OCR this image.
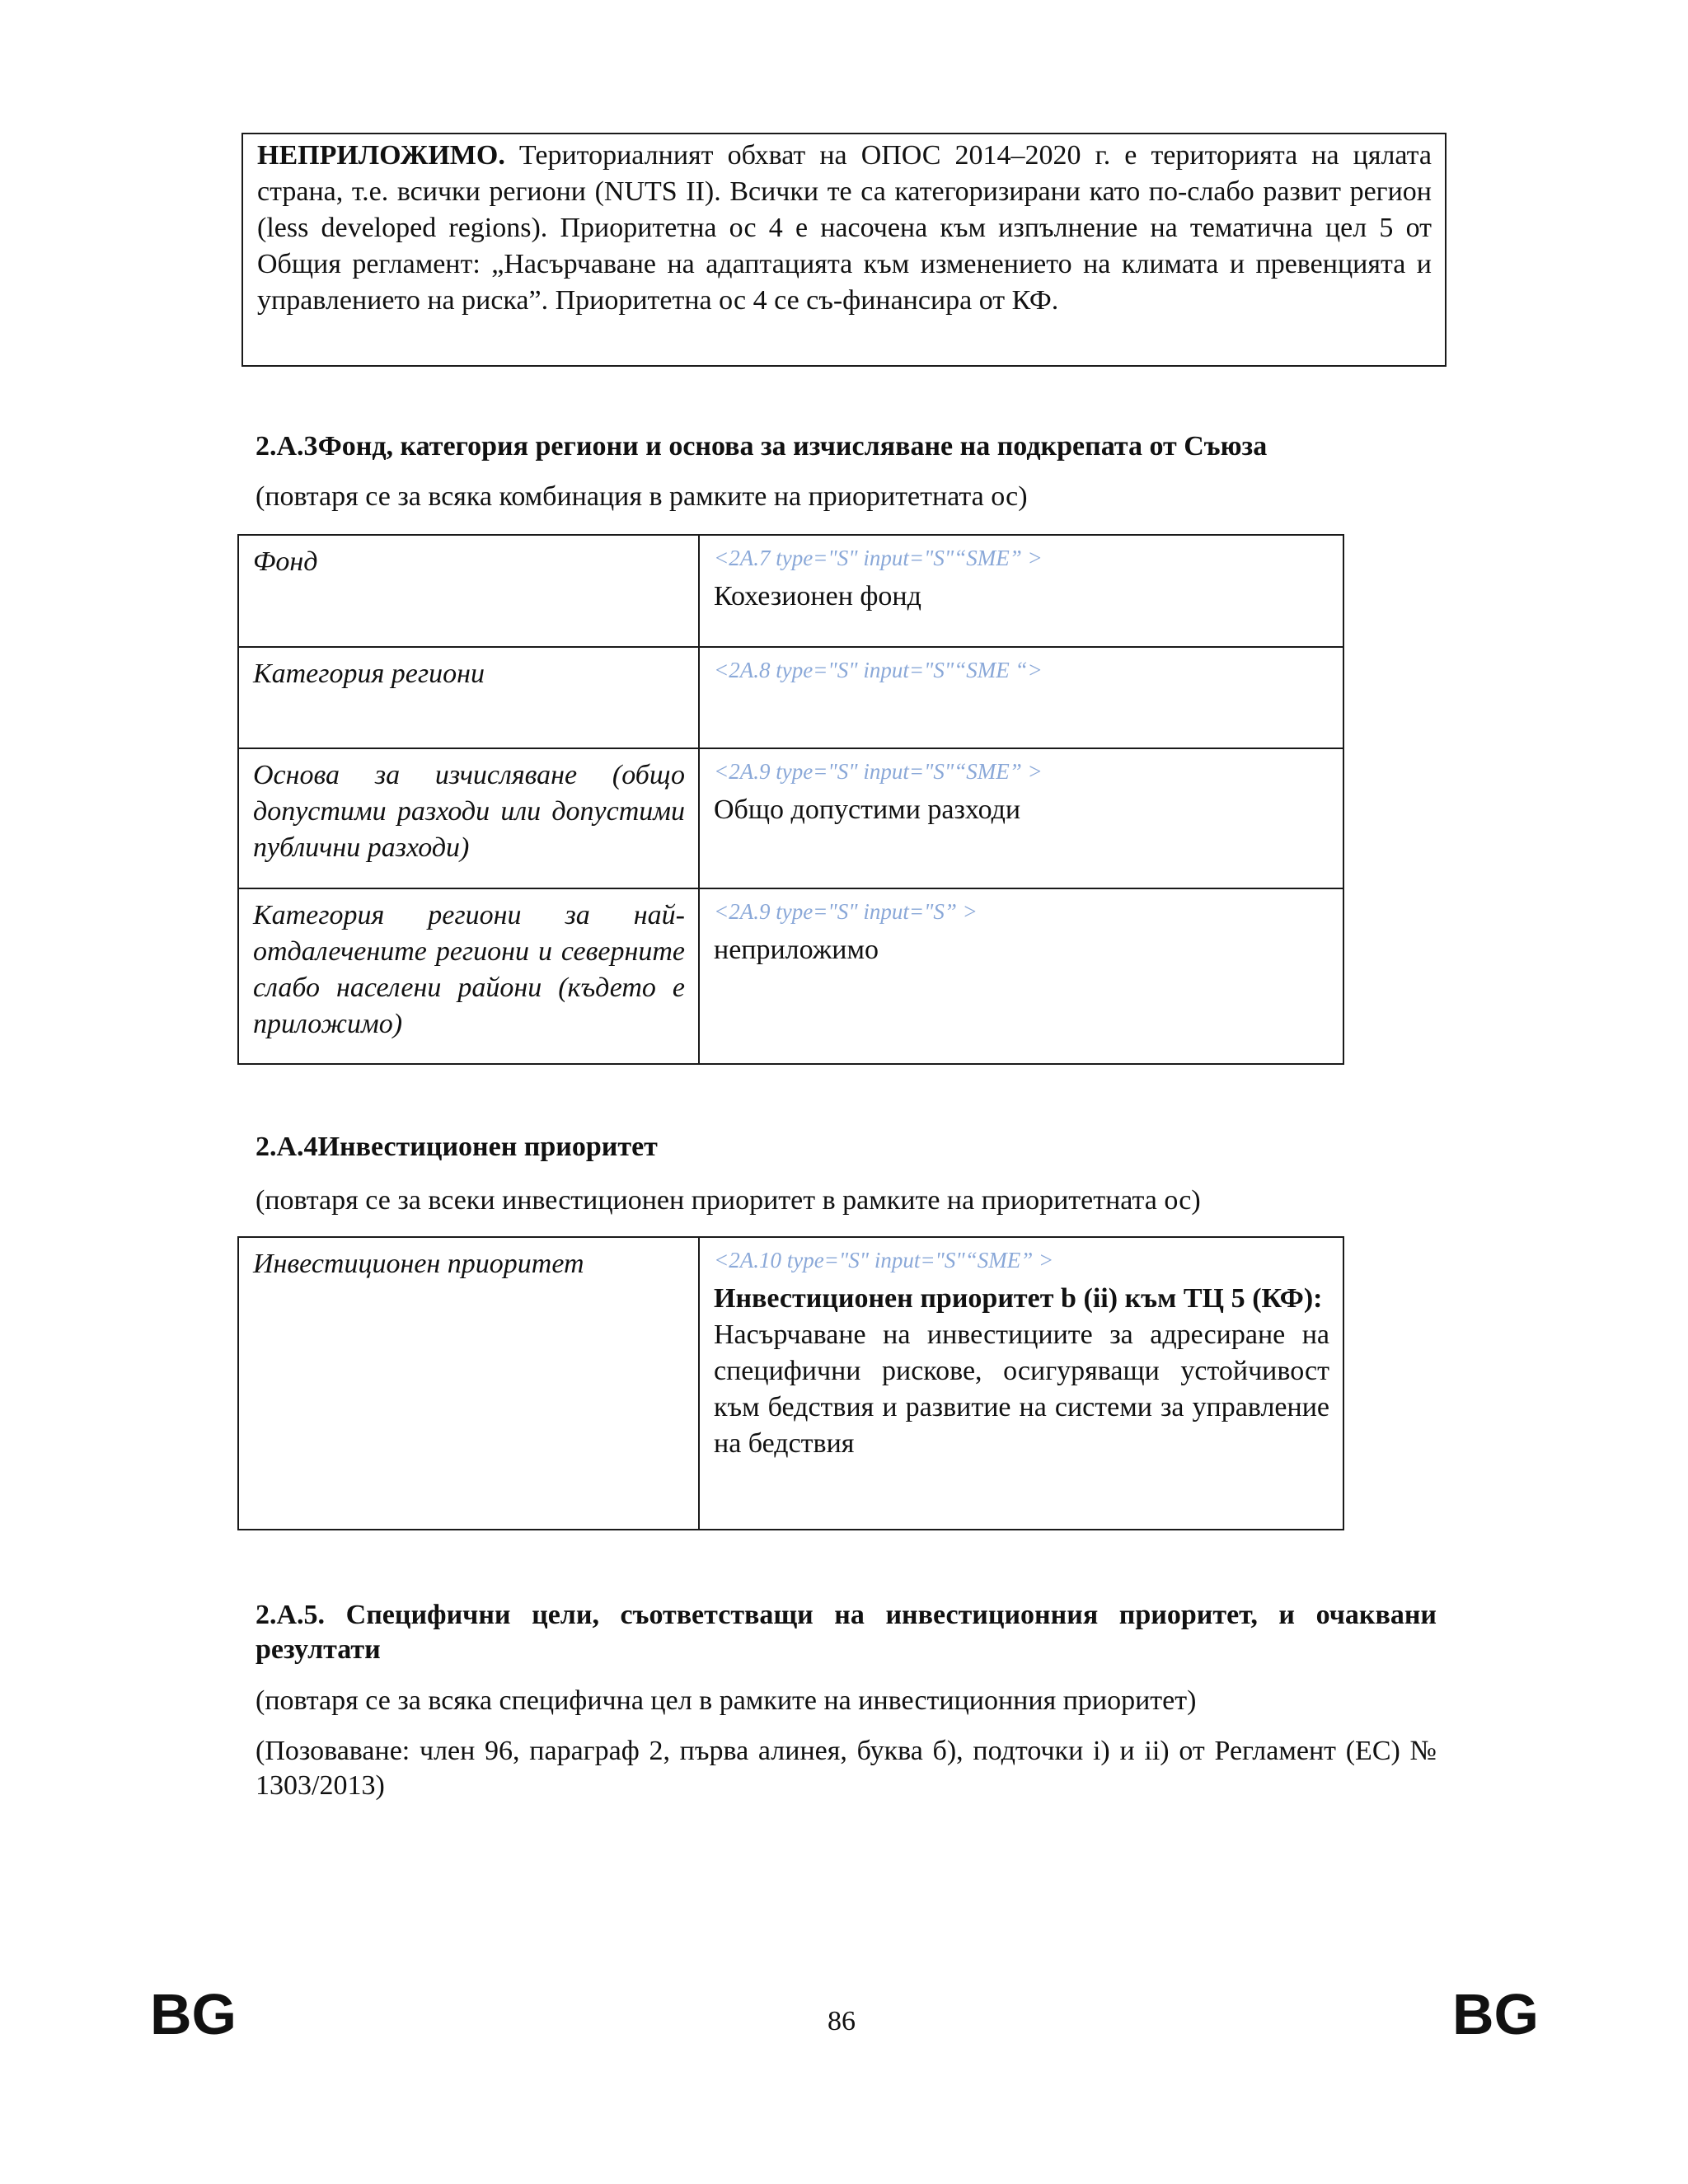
НЕПРИЛОЖИМО. Териториалният обхват на ОПОС 2014–2020 г. е територията на цялата страна, т.е. всички региони (NUTS II). Всички те са категоризирани като по-слабо развит регион (less developed regions). Приоритетна ос 4 е насочена към изпълнение на тематична цел 5 от Общия регламент: „Насърчаване на адаптацията към изменението на климата и превенцията и управлението на риска”. Приоритетна ос 4 се съ-финансира от КФ.
2.A.3Фонд, категория региони и основа за изчисляване на подкрепата от Съюза
(повтаря се за всяка комбинация в рамките на приоритетната ос)
Фонд	<2A.7 type="S" input="S"“SME” >
Кохезионен фонд

Категория региони	<2A.8 type="S" input="S"“SME “>

Основа за изчисляване (общо допустими разходи или допустими публични разходи)	<2A.9 type="S" input="S"“SME” >
Общо допустими разходи

Категория региони за най-отдалечените региони и северните слабо населени райони (където е приложимо)	<2A.9 type="S" input="S” >
неприложимо
2.A.4Инвестиционен приоритет
(повтаря се за всеки инвестиционен приоритет в рамките на приоритетната ос)
Инвестиционен приоритет	<2A.10 type="S" input="S"“SME” >
Инвестиционен приоритет b (ii) към ТЦ 5 (КФ):  Насърчаване на инвестициите за адресиране на специфични рискове, осигуряващи устойчивост към бедствия и развитие на системи за управление на бедствия
2.A.5. Специфични цели, съответстващи на инвестиционния приоритет, и очаквани резултати
(повтаря се за всяка специфична цел в рамките на инвестиционния приоритет)
(Позоваване: член 96, параграф 2, първа алинея, буква б), подточки i) и ii) от Регламент (ЕС) № 1303/2013)
BG	86	BG
